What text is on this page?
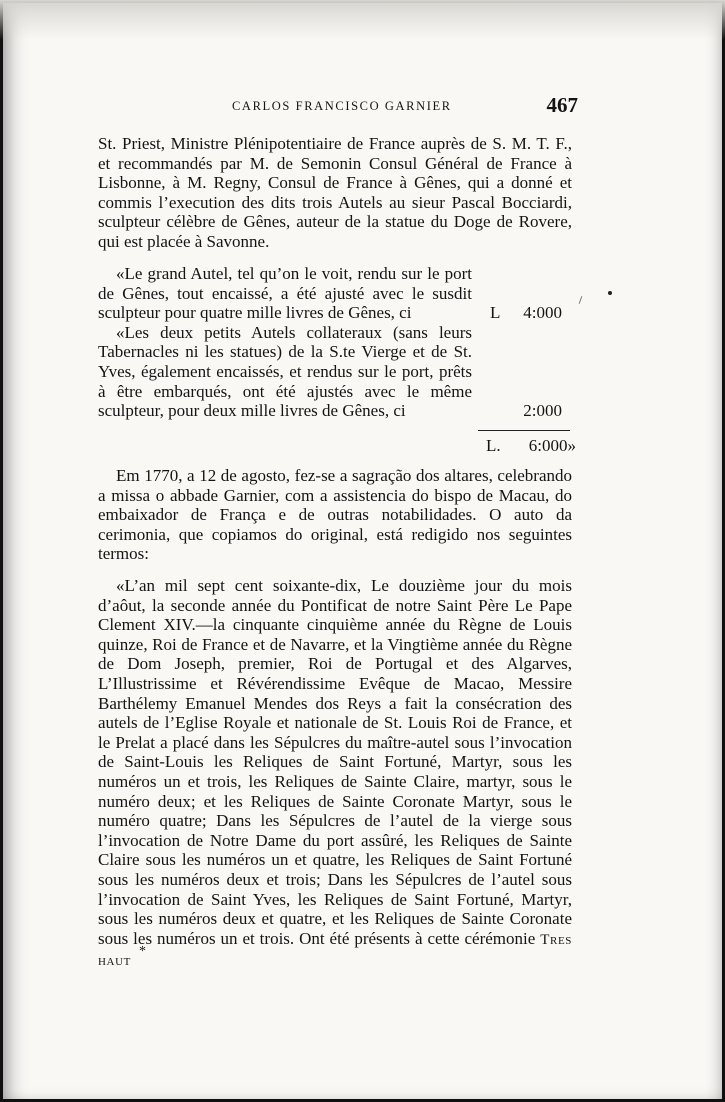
CARLOS FRANCISCO GARNIER	467
St. Priest, Ministre Plénipotentiaire de France auprès de S. M. T. F., et recommandés par M. de Semonin Consul Général de France à Lisbonne, à M. Regny, Consul de France à Gênes, qui a donné et commis l’execution des dits trois Autels au sieur Pascal Bocciardi, sculpteur célèbre de Gênes, auteur de la statue du Doge de Rovere, qui est placée à Savonne.
«Le grand Autel, tel qu’on le voit, rendu sur le port de Gênes, tout encaissé, a été ajusté avec le susdit sculpteur pour quatre mille livres de Gênes, ci	L 4:000
«Les deux petits Autels collateraux (sans leurs Tabernacles ni les statues) de la S.te Vierge et de St. Yves, également encaissés, et rendus sur le port, prêts à être embarqués, ont été ajustés avec le même sculpteur, pour deux mille livres de Gênes, ci	2:000
L. 6:000»
Em 1770, a 12 de agosto, fez-se a sagração dos altares, celebrando a missa o abbade Garnier, com a assistencia do bispo de Macau, do embaixador de França e de outras notabilidades. O auto da cerimonia, que copiamos do original, está redigido nos seguintes termos:
«L’an mil sept cent soixante-dix, Le douzième jour du mois d’aôut, la seconde année du Pontificat de notre Saint Père Le Pape Clement XIV.—la cinquante cinquième année du Règne de Louis quinze, Roi de France et de Navarre, et la Vingtième année du Règne de Dom Joseph, premier, Roi de Portugal et des Algarves, L’Illustrissime et Révérendissime Evêque de Macao, Messire Barthélemy Emanuel Mendes dos Reys a fait la consécration des autels de l’Eglise Royale et nationale de St. Louis Roi de France, et le Prelat a placé dans les Sépulcres du maître-autel sous l’invocation de Saint-Louis les Reliques de Saint Fortuné, Martyr, sous les numéros un et trois, les Reliques de Sainte Claire, martyr, sous le numéro deux; et les Reliques de Sainte Coronate Martyr, sous le numéro quatre; Dans les Sépulcres de l’autel de la vierge sous l’invocation de Notre Dame du port assûré, les Reliques de Sainte Claire sous les numéros un et quatre, les Reliques de Saint Fortuné sous les numéros deux et trois; Dans les Sépulcres de l’autel sous l’invocation de Saint Yves, les Reliques de Saint Fortuné, Martyr, sous les numéros deux et quatre, et les Reliques de Sainte Coronate sous les numéros un et trois. Ont été présents à cette cérémonie Tres haut
*
